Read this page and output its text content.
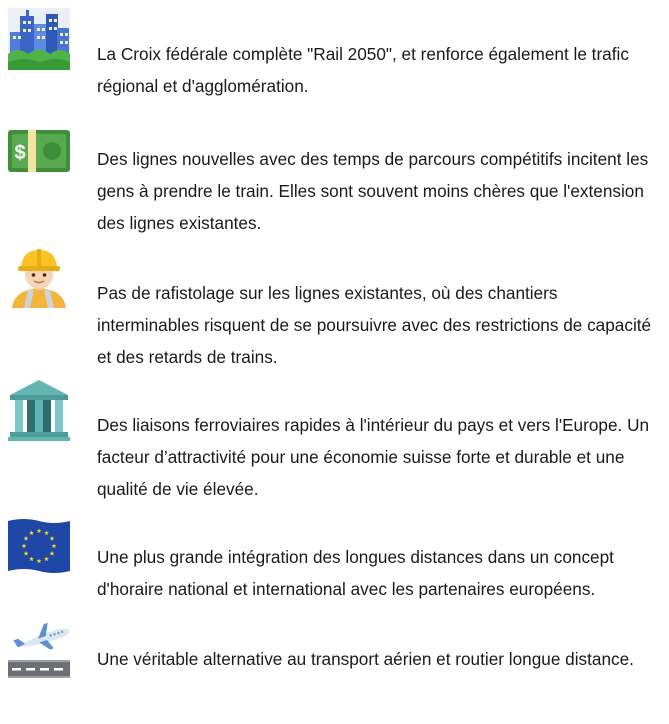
La Croix fédérale complète "Rail 2050", et renforce également le trafic régional et d'agglomération.
$	Des lignes nouvelles avec des temps de parcours compétitifs incitent les gens à prendre le train. Elles sont souvent moins chères que l'extension des lignes existantes.
Pas de rafistolage sur les lignes existantes, où des chantiers interminables risquent de se poursuivre avec des restrictions de capacité et des retards de trains.
Des liaisons ferroviaires rapides à l'intérieur du pays et vers l'Europe. Un facteur d’attractivité pour une économie suisse forte et durable et une qualité de vie élevée.
Une plus grande intégration des longues distances dans un concept d'horaire national et international avec les partenaires européens.
Une véritable alternative au transport aérien et routier longue distance.
